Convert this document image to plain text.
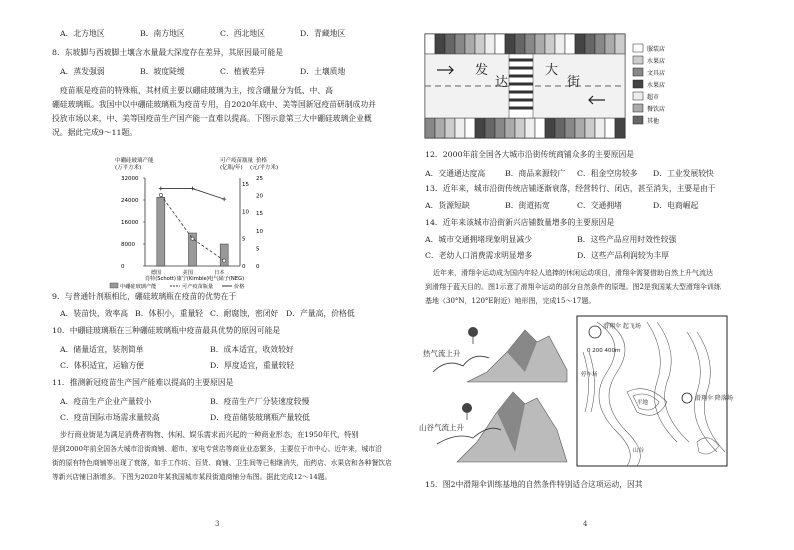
A．北方地区	B．南方地区	C．西北地区	D．青藏地区
8．东坡脚与西坡脚土壤含水量最大深度存在差异，其原因最可能是
A．蒸发强弱	B．坡度陡缓	C．植被差异	D．土壤质地
疫苗瓶是疫苗的特殊瓶，其材质主要以硼硅玻璃为主，按含硼量分为低、中、高
硼硅玻璃瓶。我国中以中硼硅玻璃瓶为疫苗专用，自2020年底中、美等国新冠疫苗研制成功并
投放市场以来，中、美等国疫苗生产国产能一直难以提高。下图示意第三大中硼硅玻璃企业概
况。据此完成9～11题。
中硼硅玻璃产能
(万平方米)
可产疫苗瓶量
(亿瓶/年)
价格
(元/平方米)
32000
24000
16000
8000
0
15
10
5
0
25
20
15
10
5
0
德国
肖特(Schott)
美国
康宁(Kimble)
日本
电气硝子(NEG)
中硼硅玻璃产能	可产疫苗瓶量	价格
9．与普通针剂瓶相比，硼硅玻璃瓶在疫苗的优势在于
A．装苗快，效率高 B．体积小，重量轻 C．耐腐蚀，密闭好 D．产量高，价格低
10．中硼硅玻璃瓶在三种硼硅玻璃瓶中疫苗最具优势的原因可能是
A．储量适宜，装剂简单	B．成本适宜，收效较好
C．体积适宜，运输方便	D．厚度适宜，重量较轻
11．推测新冠疫苗生产国产能难以提高的主要原因是
A．疫苗生产企业产量较小	B．疫苗生产厂分装速度较慢
C．疫苗国际市场需求量较高	D．疫苗储装玻璃瓶产量较低
步行商业街是为满足消费者购物、休闲、娱乐需求而兴起的一种商业形态，在1950年代，特别
是到2000年前全国各大城市沿街商铺、超市、家电专营店等商业业态繁多，主要位于市中心。近年来，城市沿
街的原有特色商铺等出现了衰落，如手工作坊、百货、商铺、卫生间等已相继消失，而药店、水果店和各种餐饮店
等新兴店铺日渐增多。下图为2020年某我国城市某段街道商铺分布图。据此完成12～14题。
3
发
达
大
街
服装店
水果店
文具店
水果店
超市
餐饮店
其他
12．2000年前全国各大城市沿街传统商铺众多的主要原因是
A．交通通达度高	B．商品来源较广 C．租金空房较多 D．工业发展较快
13．近年来，城市沿街传统店铺逐渐衰落，经营转行、闭店，甚至消失，主要是由于
A．货源短缺	B．街道拓宽	C．交通拥堵	D．电商崛起
14．近年来该城市沿街新兴店铺数量增多的主要原因是
A．城市交通拥堵现象明显减少	B．这些产品应用时效性较强
C．老幼人口消费需求明显增多	D．这些产品利润较为丰厚
近年来，滑翔伞运动成为国内年轻人追捧的休闲运动项目，滑翔伞需要借助自然上升气流达
到滑翔于蓝天目的。图1示意了滑翔伞运动的部分自然条件的原理。图2是我国某大型滑翔伞训练
基地（30°N，120°E附近）地形图，完成15～17题。
热气流上升
山谷气流上升
滑翔伞 起飞场
0 200 400m
滑翔伞 降落场
停车场
平地
山谷
15．图2中滑翔伞训练基地的自然条件特别适合这项运动，因其
4
